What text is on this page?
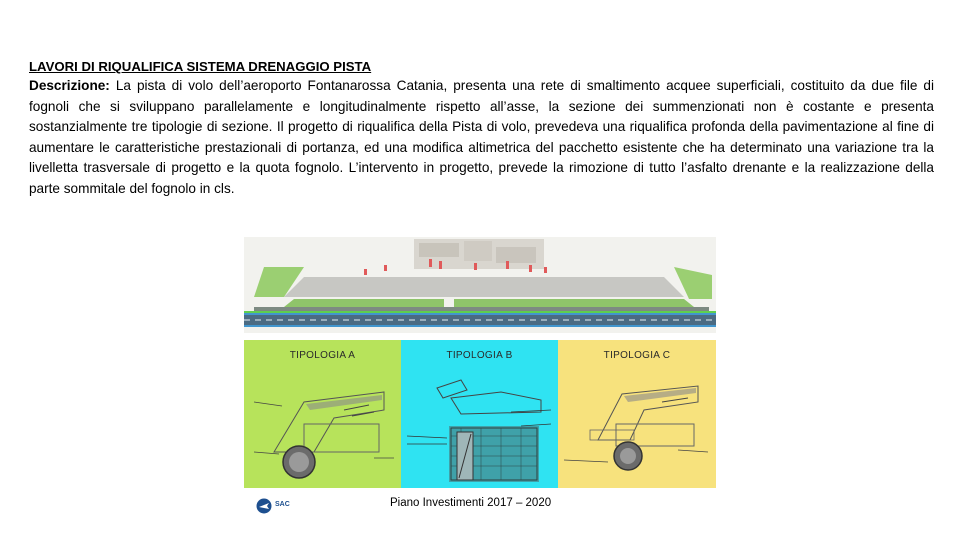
LAVORI DI RIQUALIFICA SISTEMA DRENAGGIO PISTA

Descrizione: La pista di volo dell’aeroporto Fontanarossa Catania, presenta una rete di smaltimento acquee superficiali, costituito da due file di fognoli che si sviluppano parallelamente e longitudinalmente rispetto all’asse, la sezione dei summenzionati non è costante e presenta sostanzialmente tre tipologie di sezione. Il progetto di riqualifica della Pista di volo, prevedeva una riqualifica profonda della pavimentazione al fine di aumentare le caratteristiche prestazionali di portanza, ed una modifica altimetrica del pacchetto esistente che ha determinato una variazione tra la livelletta trasversale di progetto e la quota fognolo. L’intervento in progetto, prevede la rimozione di tutto l’asfalto drenante e la realizzazione della parte sommitale del fognolo in cls.

TIPOLOGIA A	TIPOLOGIA B	TIPOLOGIA C
SAC	Piano Investimenti 2017 – 2020
